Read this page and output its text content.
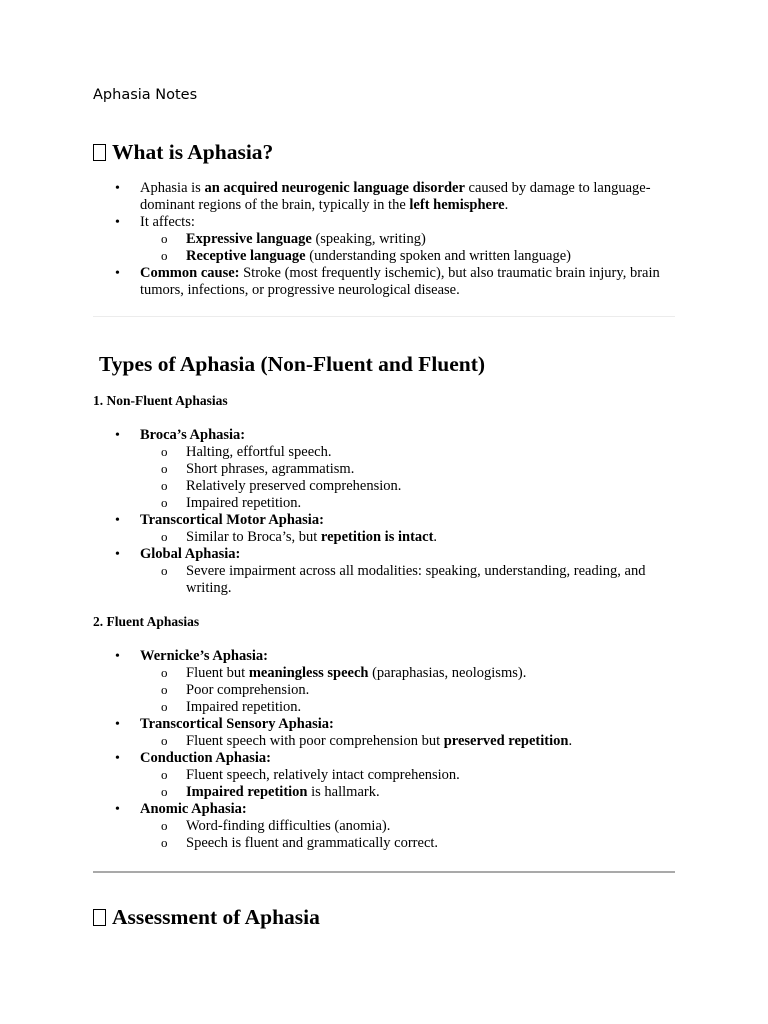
Aphasia Notes
What is Aphasia?
• Aphasia is an acquired neurogenic language disorder caused by damage to language-dominant regions of the brain, typically in the left hemisphere.
• It affects:
o Expressive language (speaking, writing)
o Receptive language (understanding spoken and written language)
• Common cause: Stroke (most frequently ischemic), but also traumatic brain injury, brain tumors, infections, or progressive neurological disease.
Types of Aphasia (Non-Fluent and Fluent)
1. Non-Fluent Aphasias
• Broca’s Aphasia:
o Halting, effortful speech.
o Short phrases, agrammatism.
o Relatively preserved comprehension.
o Impaired repetition.
• Transcortical Motor Aphasia:
o Similar to Broca’s, but repetition is intact.
• Global Aphasia:
o Severe impairment across all modalities: speaking, understanding, reading, and writing.
2. Fluent Aphasias
• Wernicke’s Aphasia:
o Fluent but meaningless speech (paraphasias, neologisms).
o Poor comprehension.
o Impaired repetition.
• Transcortical Sensory Aphasia:
o Fluent speech with poor comprehension but preserved repetition.
• Conduction Aphasia:
o Fluent speech, relatively intact comprehension.
o Impaired repetition is hallmark.
• Anomic Aphasia:
o Word-finding difficulties (anomia).
o Speech is fluent and grammatically correct.
Assessment of Aphasia
